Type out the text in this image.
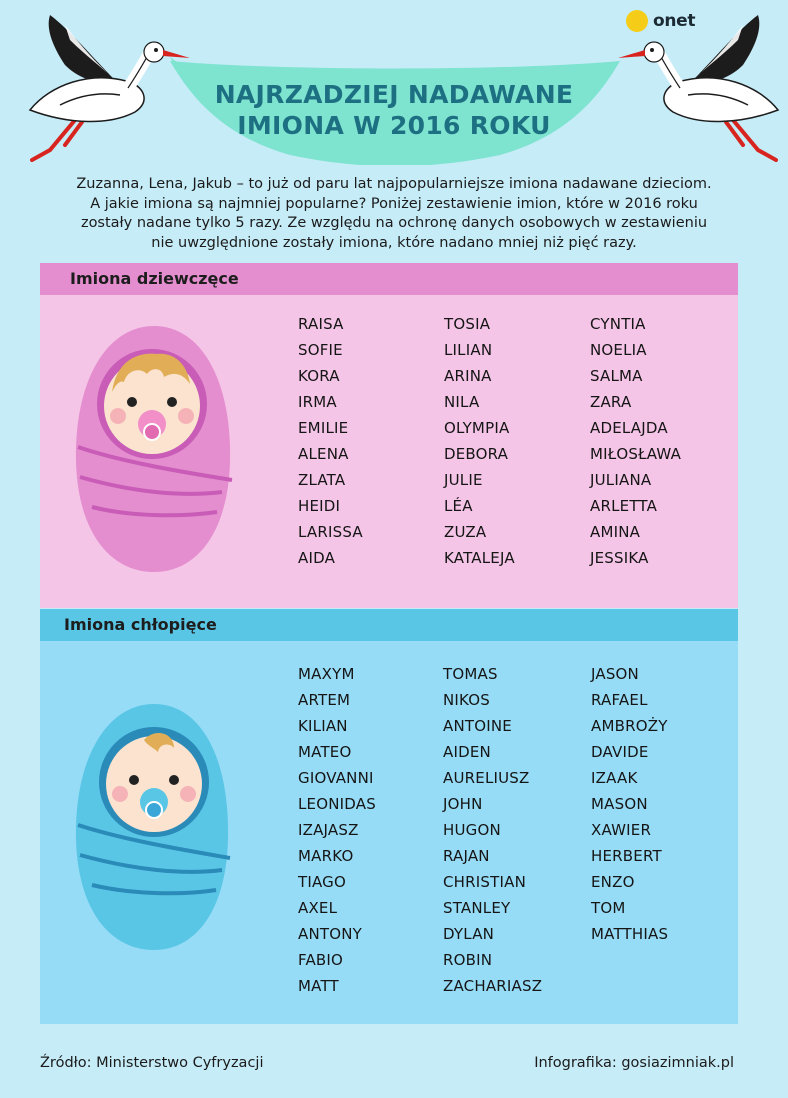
NAJRZADZIEJ NADAWANE
IMIONA W 2016 ROKU
onet
Zuzanna, Lena, Jakub – to już od paru lat najpopularniejsze imiona nadawane dzieciom.
A jakie imiona są najmniej popularne? Poniżej zestawienie imion, które w 2016 roku
zostały nadane tylko 5 razy. Ze względu na ochronę danych osobowych w zestawieniu
nie uwzględnione zostały imiona, które nadano mniej niż pięć razy.
Imiona dziewczęce
RAISA
SOFIE
KORA
IRMA
EMILIE
ALENA
ZLATA
HEIDI
LARISSA
AIDA
TOSIA
LILIAN
ARINA
NILA
OLYMPIA
DEBORA
JULIE
LÉA
ZUZA
KATALEJA
CYNTIA
NOELIA
SALMA
ZARA
ADELAJDA
MIŁOSŁAWA
JULIANA
ARLETTA
AMINA
JESSIKA
Imiona chłopięce
MAXYM
ARTEM
KILIAN
MATEO
GIOVANNI
LEONIDAS
IZAJASZ
MARKO
TIAGO
AXEL
ANTONY
FABIO
MATT
TOMAS
NIKOS
ANTOINE
AIDEN
AURELIUSZ
JOHN
HUGON
RAJAN
CHRISTIAN
STANLEY
DYLAN
ROBIN
ZACHARIASZ
JASON
RAFAEL
AMBROŻY
DAVIDE
IZAAK
MASON
XAWIER
HERBERT
ENZO
TOM
MATTHIAS
Źródło: Ministerstwo Cyfryzacji	Infografika: gosiazimniak.pl
